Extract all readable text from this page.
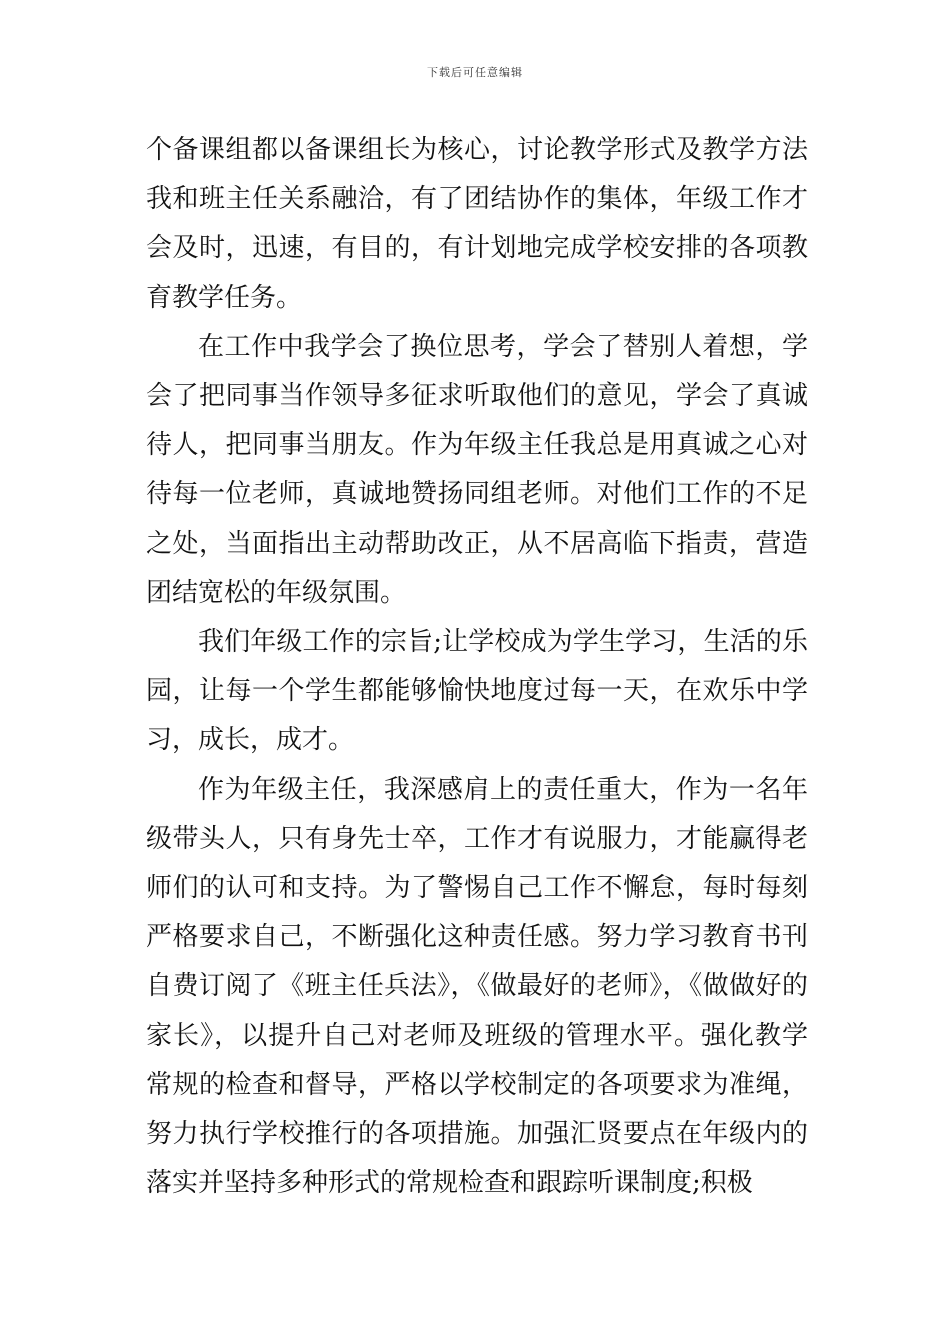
下载后可任意编辑

个备课组都以备课组长为核心，讨论教学形式及教学方法我和班主任关系融洽，有了团结协作的集体，年级工作才会及时，迅速，有目的，有计划地完成学校安排的各项教育教学任务。

在工作中我学会了换位思考，学会了替别人着想，学会了把同事当作领导多征求听取他们的意见，学会了真诚待人，把同事当朋友。作为年级主任我总是用真诚之心对待每一位老师，真诚地赞扬同组老师。对他们工作的不足之处，当面指出主动帮助改正，从不居高临下指责，营造团结宽松的年级氛围。

我们年级工作的宗旨;让学校成为学生学习，生活的乐园，让每一个学生都能够愉快地度过每一天，在欢乐中学习，成长，成才。

作为年级主任，我深感肩上的责任重大，作为一名年级带头人，只有身先士卒，工作才有说服力，才能赢得老师们的认可和支持。为了警惕自己工作不懈怠，每时每刻严格要求自己，不断强化这种责任感。努力学习教育书刊自费订阅了《班主任兵法》，《做最好的老师》，《做做好的家长》，以提升自己对老师及班级的管理水平。强化教学常规的检查和督导，严格以学校制定的各项要求为准绳，努力执行学校推行的各项措施。加强汇贤要点在年级内的落实并坚持多种形式的常规检查和跟踪听课制度;积极
